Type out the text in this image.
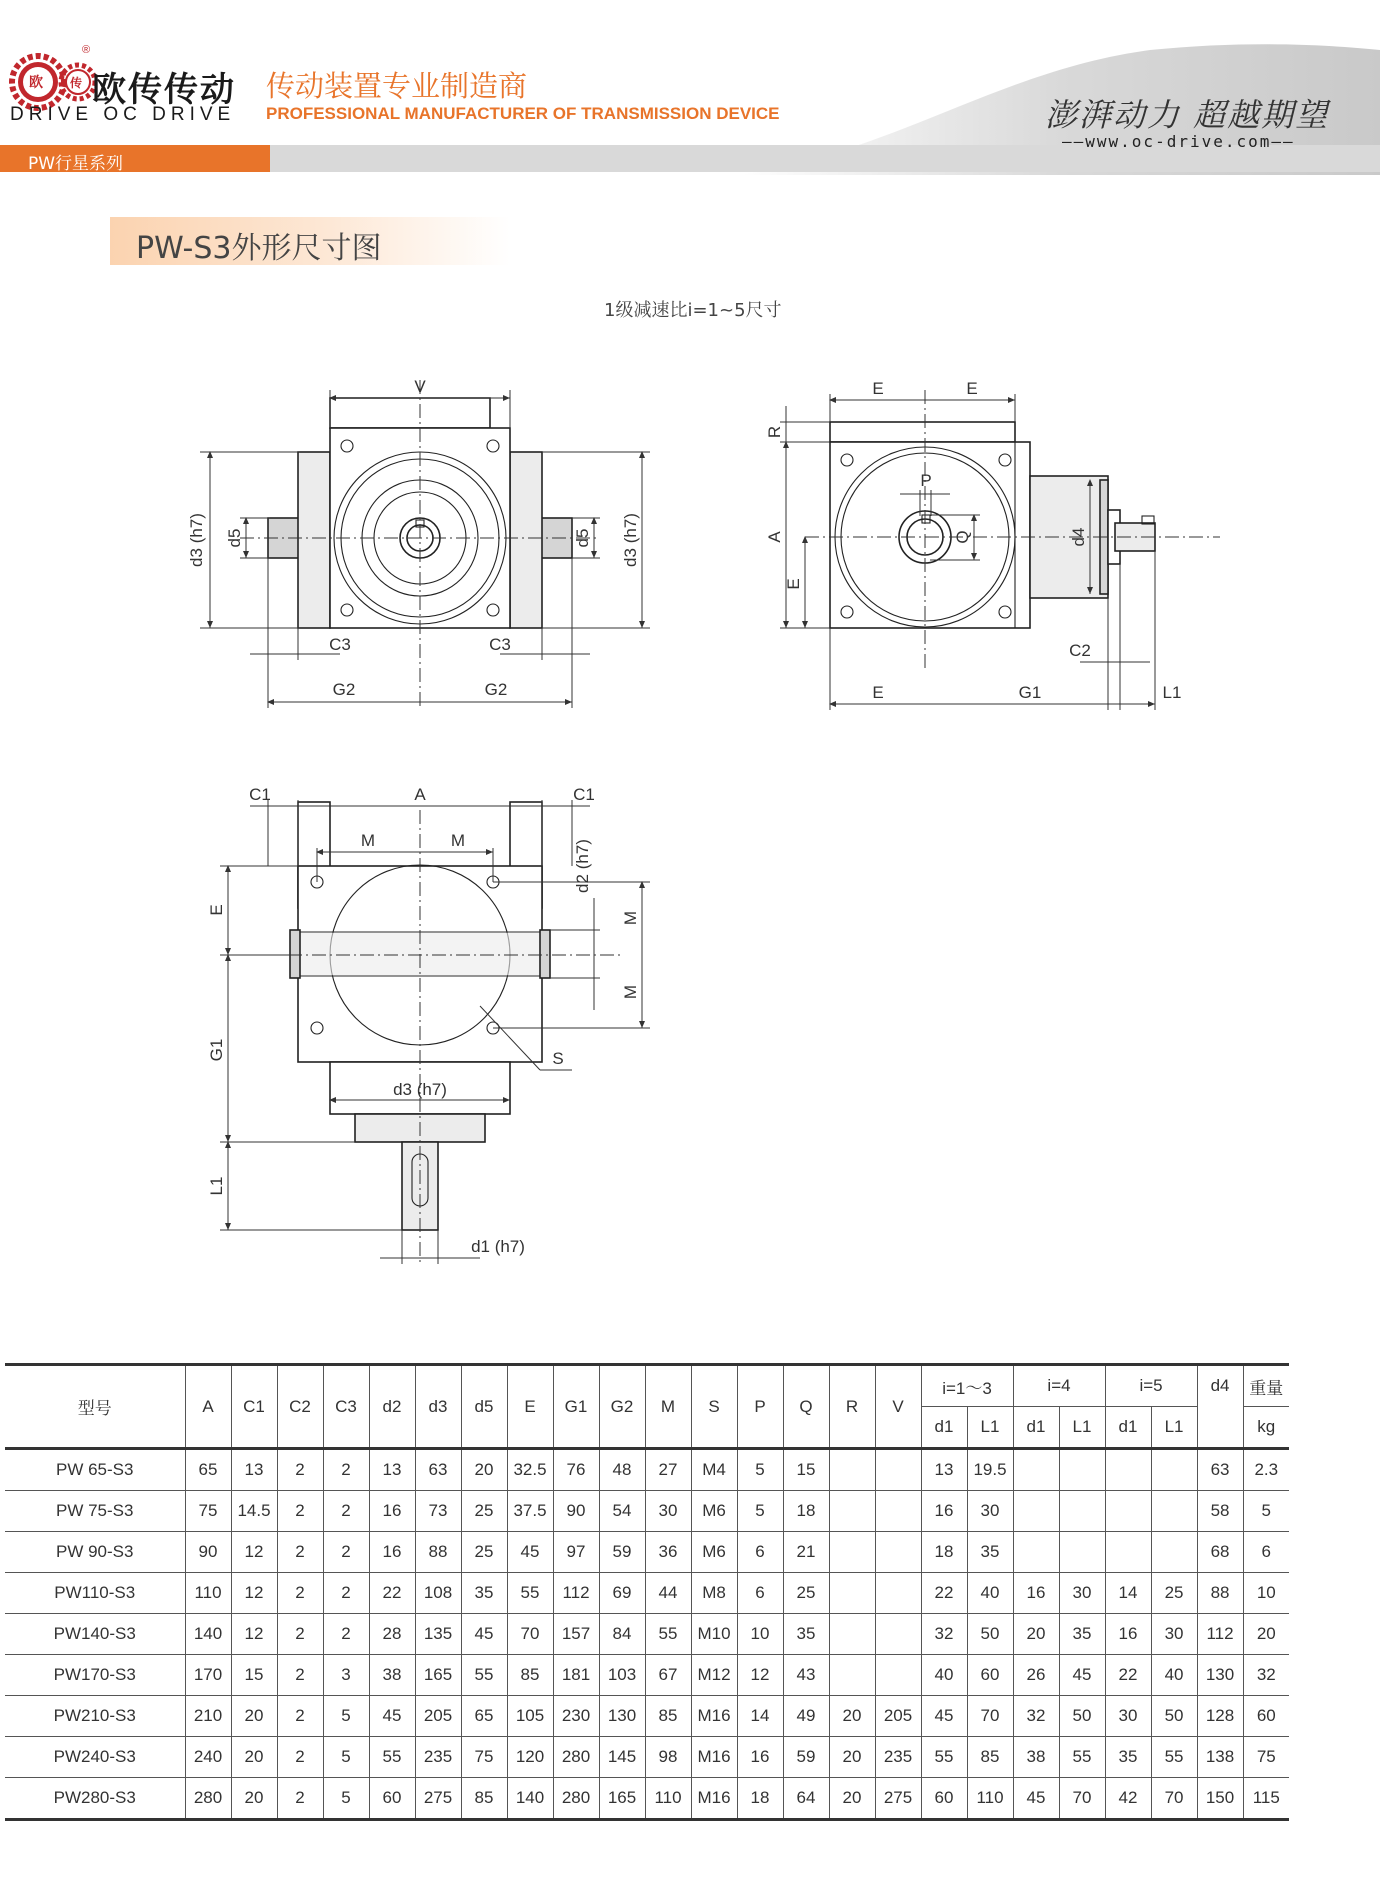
欧 传
®
欧传传动
DRIVE OC DRIVE
传动装置专业制造商
PROFESSIONAL MANUFACTURER OF TRANSMISSION DEVICE	澎湃动力 超越期望
——www.oc-drive.com——
PW行星系列
PW-S3外形尺寸图
1级减速比i=1~5尺寸
V
d3 (h7) d5	d5 d3 (h7)
C3	C3
G2	G2
E	E
R
A
E
P
Q	d4
C2
E	G1	L1
C1	A	C1
M	M	d2 (h7)
E
M
M
G1	S
d3 (h7)
L1
d1 (h7)
型号	A	C1	C2	C3	d2	d3	d5	E	G1	G2	M	S	P	Q	R	V	i=1～3		i=4		i=5		d4	重量
																	d1	L1	d1	L1	d1	L1		kg
PW 65-S3	65	13	2	2	13	63	20	32.5	76	48	27	M4	5	15			13	19.5					63	2.3
PW 75-S3	75	14.5	2	2	16	73	25	37.5	90	54	30	M6	5	18			16	30					58	5
PW 90-S3	90	12	2	2	16	88	25	45	97	59	36	M6	6	21			18	35					68	6
PW110-S3	110	12	2	2	22	108	35	55	112	69	44	M8	6	25			22	40	16	30	14	25	88	10
PW140-S3	140	12	2	2	28	135	45	70	157	84	55	M10	10	35			32	50	20	35	16	30	112	20
PW170-S3	170	15	2	3	38	165	55	85	181	103	67	M12	12	43			40	60	26	45	22	40	130	32
PW210-S3	210	20	2	5	45	205	65	105	230	130	85	M16	14	49	20	205	45	70	32	50	30	50	128	60
PW240-S3	240	20	2	5	55	235	75	120	280	145	98	M16	16	59	20	235	55	85	38	55	35	55	138	75
PW280-S3	280	20	2	5	60	275	85	140	280	165	110	M16	18	64	20	275	60	110	45	70	42	70	150	115
